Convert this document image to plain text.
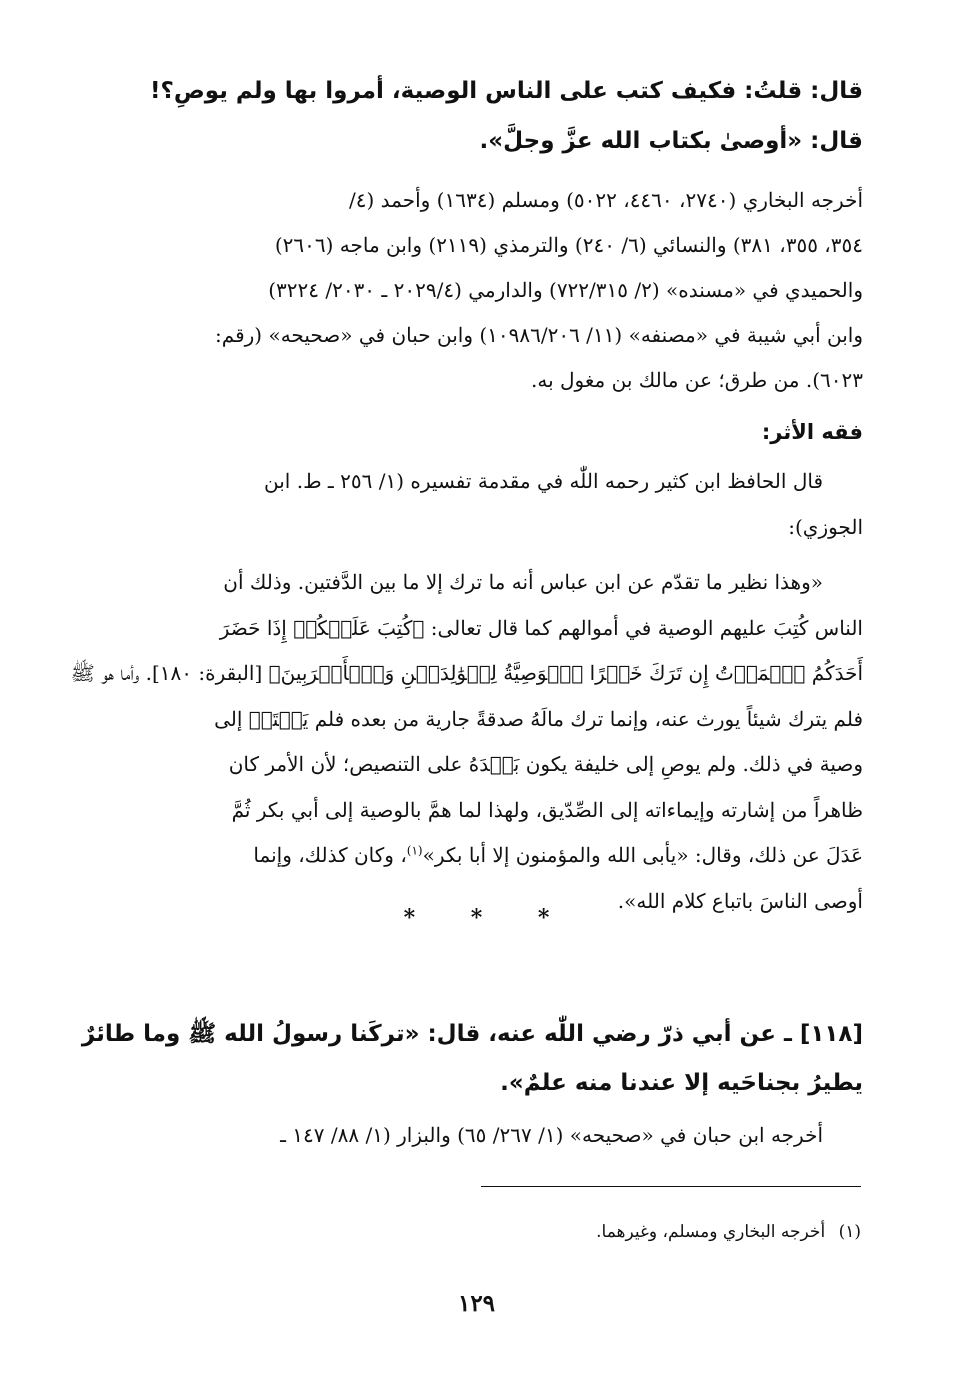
قال: قلتُ: فكيف كتب على الناس الوصية، أمروا بها ولم يوصِ؟!
قال: «أوصىٰ بكتاب الله عزَّ وجلَّ».
أخرجه البخاري (٢٧٤٠، ٤٤٦٠، ٥٠٢٢) ومسلم (١٦٣٤) وأحمد (٤/
٣٥٤، ٣٥٥، ٣٨١) والنسائي (٦/ ٢٤٠) والترمذي (٢١١٩) وابن ماجه (٢٦٠٦)
والحميدي في «مسنده» (٢/ ٧٢٢/٣١٥) والدارمي (٢٠٢٩/٤ ـ ٢٠٣٠/ ٣٢٢٤)
وابن أبي شيبة في «مصنفه» (١١/ ١٠٩٨٦/٢٠٦) وابن حبان في «صحيحه» (رقم:
٦٠٢٣). من طرق؛ عن مالك بن مغول به.
فقه الأثر:
قال الحافظ ابن كثير رحمه اللّٰه في مقدمة تفسيره (١/ ٢٥٦ ـ ط. ابن
الجوزي):
«وهذا نظير ما تقدّم عن ابن عباس أنه ما ترك إلا ما بين الدَّفتين. وذلك أن
الناس كُتِبَ عليهم الوصية في أموالهم كما قال تعالى: ﴿كُتِبَ عَلَيۡكُمۡ إِذَا حَضَرَ
أَحَدَكُمُ ٱلۡمَوۡتُ إِن تَرَكَ خَيۡرًا ٱلۡوَصِيَّةُ لِلۡوَٰلِدَيۡنِ وَٱلۡأَقۡرَبِينَ﴾ [البقرة: ١٨٠]. وأما هو ﷺ
فلم يترك شيئاً يورث عنه، وإنما ترك مالَهُ صدقةً جارية من بعده فلم يَحۡتَجۡ إلى
وصية في ذلك. ولم يوصِ إلى خليفة يكون بَعۡدَهُ على التنصيص؛ لأن الأمر كان
ظاهراً من إشارته وإيماءاته إلى الصِّدّيق، ولهذا لما همَّ بالوصية إلى أبي بكر ثُمَّ
عَدَلَ عن ذلك، وقال: «يأبى الله والمؤمنون إلا أبا بكر»$^{(١)}$، وكان كذلك، وإنما
أوصى الناسَ باتباع كلام الله».
* * *
[١١٨] ـ عن أبي ذرّ رضي اللّٰه عنه، قال: «تركَنا رسولُ الله ﷺ وما طائرٌ
يطيرُ بجناحَيه إلا عندنا منه علمٌ».
أخرجه ابن حبان في «صحيحه» (١/ ٢٦٧/ ٦٥) والبزار (١/ ٨٨/ ١٤٧ ـ
(١) أخرجه البخاري ومسلم، وغيرهما.
١٢٩
